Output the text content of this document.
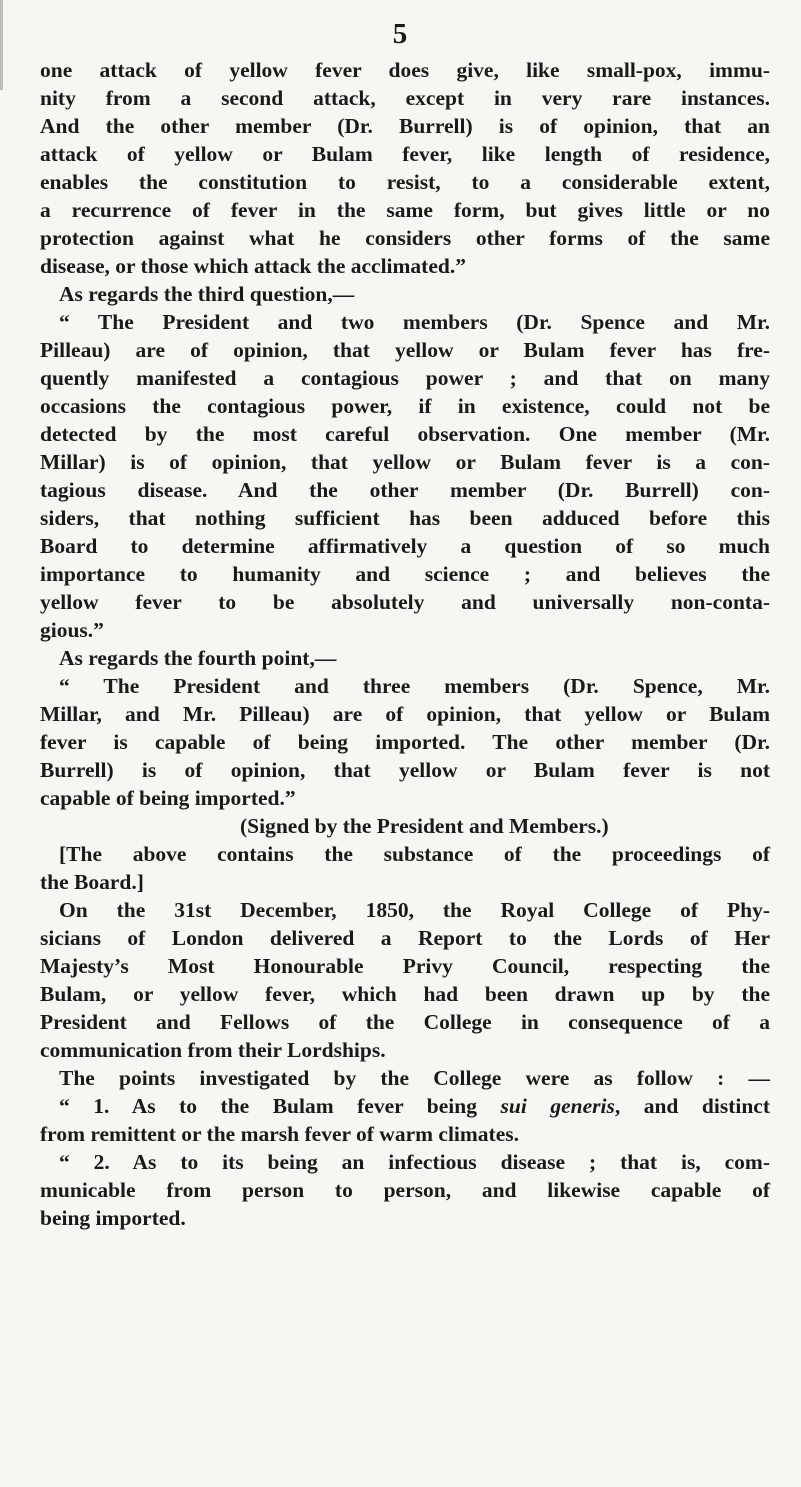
5
one attack of yellow fever does give, like small-pox, immu-
nity from a second attack, except in very rare instances.
And the other member (Dr. Burrell) is of opinion, that an
attack of yellow or Bulam fever, like length of residence,
enables the constitution to resist, to a considerable extent,
a recurrence of fever in the same form, but gives little or no
protection against what he considers other forms of the same
disease, or those which attack the acclimated.”
As regards the third question,—
“ The President and two members (Dr. Spence and Mr.
Pilleau) are of opinion, that yellow or Bulam fever has fre-
quently manifested a contagious power ; and that on many
occasions the contagious power, if in existence, could not be
detected by the most careful observation. One member (Mr.
Millar) is of opinion, that yellow or Bulam fever is a con-
tagious disease. And the other member (Dr. Burrell) con-
siders, that nothing sufficient has been adduced before this
Board to determine affirmatively a question of so much
importance to humanity and science ; and believes the
yellow fever to be absolutely and universally non-conta-
gious.”
As regards the fourth point,—
“ The President and three members (Dr. Spence, Mr.
Millar, and Mr. Pilleau) are of opinion, that yellow or Bulam
fever is capable of being imported. The other member (Dr.
Burrell) is of opinion, that yellow or Bulam fever is not
capable of being imported.”
(Signed by the President and Members.)
[The above contains the substance of the proceedings of
the Board.]
On the 31st December, 1850, the Royal College of Phy-
sicians of London delivered a Report to the Lords of Her
Majesty’s Most Honourable Privy Council, respecting the
Bulam, or yellow fever, which had been drawn up by the
President and Fellows of the College in consequence of a
communication from their Lordships.
The points investigated by the College were as follow : —
“ 1. As to the Bulam fever being sui generis, and distinct
from remittent or the marsh fever of warm climates.
“ 2. As to its being an infectious disease ; that is, com-
municable from person to person, and likewise capable of
being imported.
